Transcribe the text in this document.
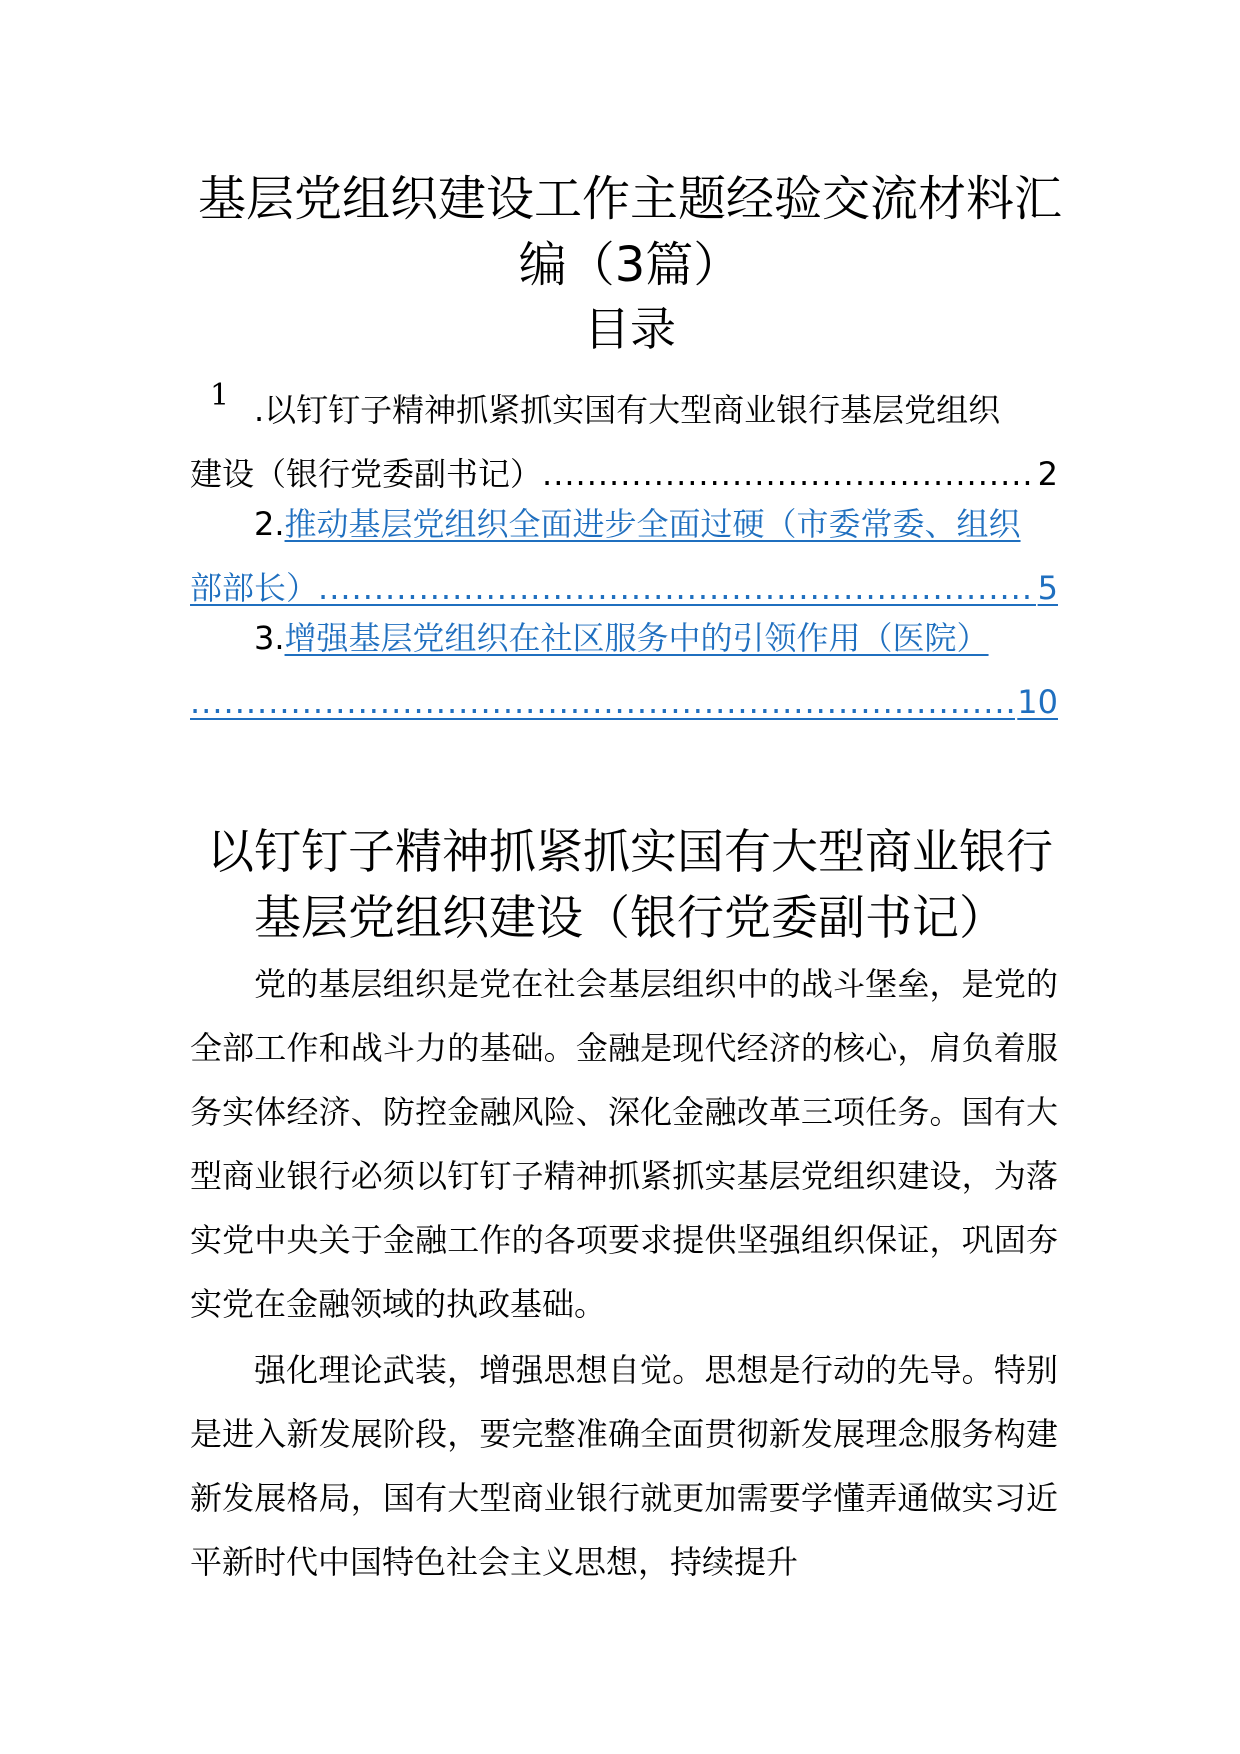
基层党组织建设工作主题经验交流材料汇编（3篇）
目录
1 .以钉钉子精神抓紧抓实国有大型商业银行基层党组织
建设（银行党委副书记） .....	2
2.推动基层党组织全面进步全面过硬（市委常委、组织
部部长） .....	5
3.增强基层党组织在社区服务中的引领作用（医院）
.....
10
以钉钉子精神抓紧抓实国有大型商业银行基层党组织建设（银行党委副书记）

党的基层组织是党在社会基层组织中的战斗堡垒，是党的全部工作和战斗力的基础。金融是现代经济的核心，肩负着服务实体经济、防控金融风险、深化金融改革三项任务。国有大型商业银行必须以钉钉子精神抓紧抓实基层党组织建设，为落实党中央关于金融工作的各项要求提供坚强组织保证，巩固夯实党在金融领域的执政基础。

强化理论武装，增强思想自觉。思想是行动的先导。特别是进入新发展阶段，要完整准确全面贯彻新发展理念服务构建新发展格局，国有大型商业银行就更加需要学懂弄通做实习近平新时代中国特色社会主义思想，持续提升
